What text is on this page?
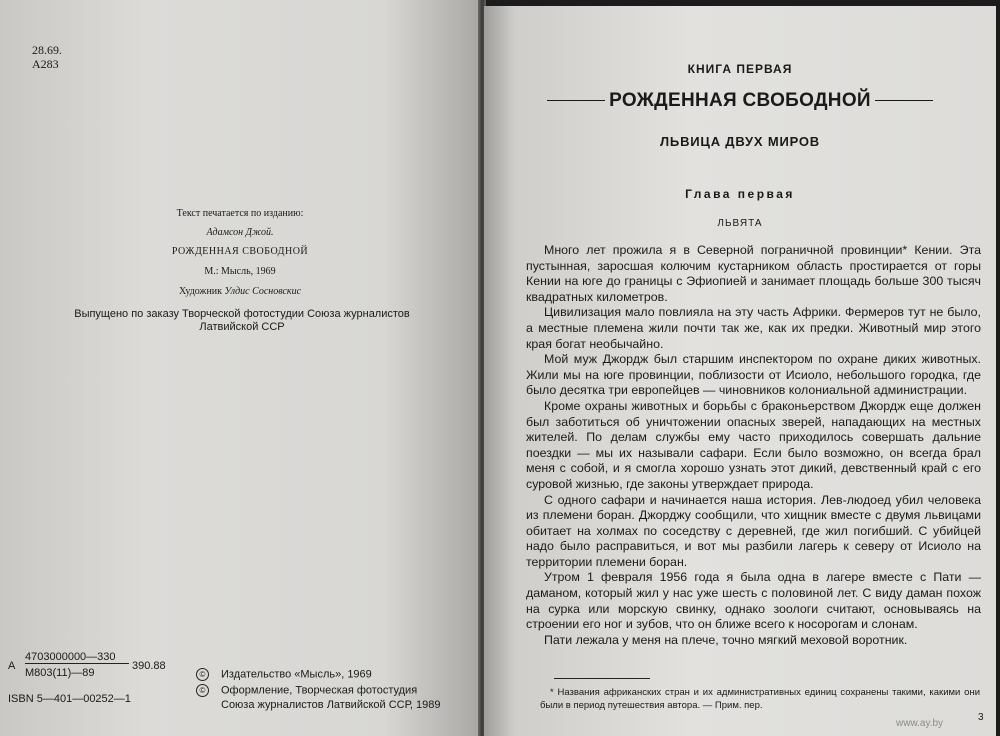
28.69.
А283
Текст печатается по изданию:
Адамсон Джой.
РОЖДЕННАЯ СВОБОДНОЙ
М.: Мысль, 1969
Художник Улдис Сосновскис
Выпущено по заказу Творческой фотостудии Союза журналистов Латвийской ССР
А
4703000000—330
М803(11)—89
390.88
ISBN 5—401—00252—1
© Издательство «Мысль», 1969
© Оформление, Творческая фотостудия
Союза журналистов Латвийской ССР, 1989
КНИГА ПЕРВАЯ
РОЖДЕННАЯ СВОБОДНОЙ
ЛЬВИЦА ДВУХ МИРОВ
Глава первая
ЛЬВЯТА

Много лет прожила я в Северной пограничной провинции* Кении. Эта пустынная, заросшая колючим кустарником область простирается от горы Кении на юге до границы с Эфиопией и занимает площадь больше 300 тысяч квадратных километров.

Цивилизация мало повлияла на эту часть Африки. Фермеров тут не было, а местные племена жили почти так же, как их предки. Животный мир этого края богат необычайно.

Мой муж Джордж был старшим инспектором по охране диких животных. Жили мы на юге провинции, поблизости от Исиоло, небольшого городка, где было десятка три европейцев — чиновников колониальной администрации.

Кроме охраны животных и борьбы с браконьерством Джордж еще должен был заботиться об уничтожении опасных зверей, нападающих на местных жителей. По делам службы ему часто приходилось совершать дальние поездки — мы их называли сафари. Если было возможно, он всегда брал меня с собой, и я смогла хорошо узнать этот дикий, девственный край с его суровой жизнью, где законы утверждает природа.

С одного сафари и начинается наша история. Лев-людоед убил человека из племени боран. Джорджу сообщили, что хищник вместе с двумя львицами обитает на холмах по соседству с деревней, где жил погибший. С убийцей надо было расправиться, и вот мы разбили лагерь к северу от Исиоло на территории племени боран.

Утром 1 февраля 1956 года я была одна в лагере вместе с Пати — даманом, который жил у нас уже шесть с половиной лет. С виду даман похож на сурка или морскую свинку, однако зоологи считают, основываясь на строении его ног и зубов, что он ближе всего к носорогам и слонам.

Пати лежала у меня на плече, точно мягкий меховой воротник.

* Названия африканских стран и их административных единиц сохранены такими, какими они были в период путешествия автора. — Прим. пер.

3
www.ay.by
